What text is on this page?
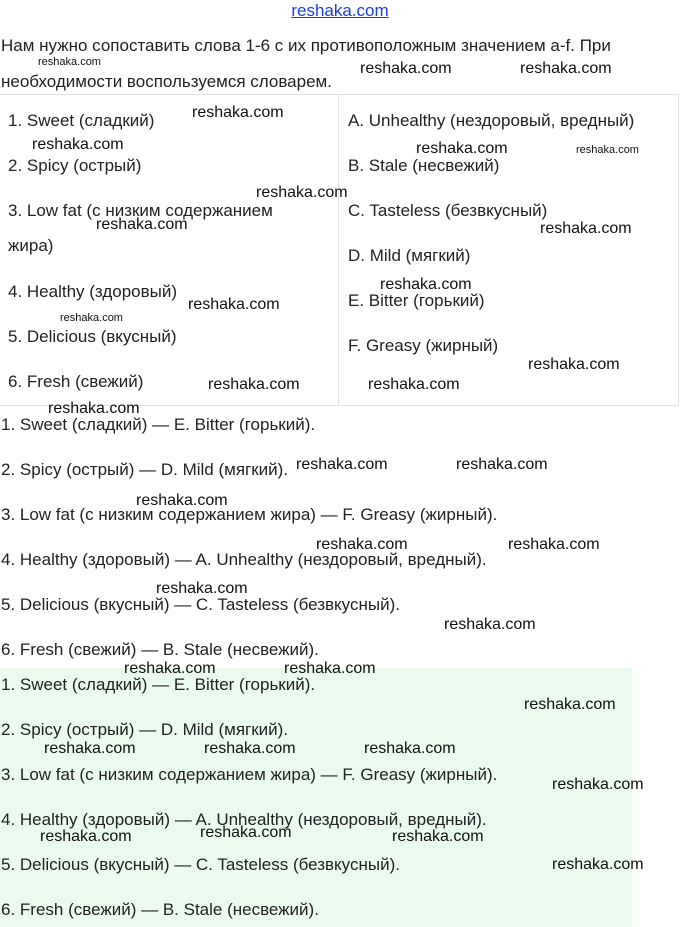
reshaka.com
Нам нужно сопоставить слова 1-6 с их противоположным значением a-f. При необходимости воспользуемся словарем.
1. Sweet (сладкий)
2. Spicy (острый)
3. Low fat (с низким содержанием
жира)
4. Healthy (здоровый)
5. Delicious (вкусный)
6. Fresh (свежий)
A. Unhealthy (нездоровый, вредный)
B. Stale (несвежий)
C. Tasteless (безвкусный)
D. Mild (мягкий)
E. Bitter (горький)
F. Greasy (жирный)
1. Sweet (сладкий) — E. Bitter (горький).
2. Spicy (острый) — D. Mild (мягкий).
3. Low fat (с низким содержанием жира) — F. Greasy (жирный).
4. Healthy (здоровый) — A. Unhealthy (нездоровый, вредный).
5. Delicious (вкусный) — C. Tasteless (безвкусный).
6. Fresh (свежий) — B. Stale (несвежий).
1. Sweet (сладкий) — E. Bitter (горький).
2. Spicy (острый) — D. Mild (мягкий).
3. Low fat (с низким содержанием жира) — F. Greasy (жирный).
4. Healthy (здоровый) — A. Unhealthy (нездоровый, вредный).
5. Delicious (вкусный) — C. Tasteless (безвкусный).
6. Fresh (свежий) — B. Stale (несвежий).
reshaka.com	reshaka.com	reshaka.com
reshaka.com
reshaka.com	reshaka.com	reshaka.com
reshaka.com
reshaka.com	reshaka.com
reshaka.com
reshaka.com
reshaka.com
reshaka.com
reshaka.com	reshaka.com
reshaka.com
reshaka.com	reshaka.com
reshaka.com
reshaka.com	reshaka.com
reshaka.com
reshaka.com
reshaka.com	reshaka.com
reshaka.com
reshaka.com	reshaka.com	reshaka.com
reshaka.com
reshaka.com
reshaka.com	reshaka.com
reshaka.com
